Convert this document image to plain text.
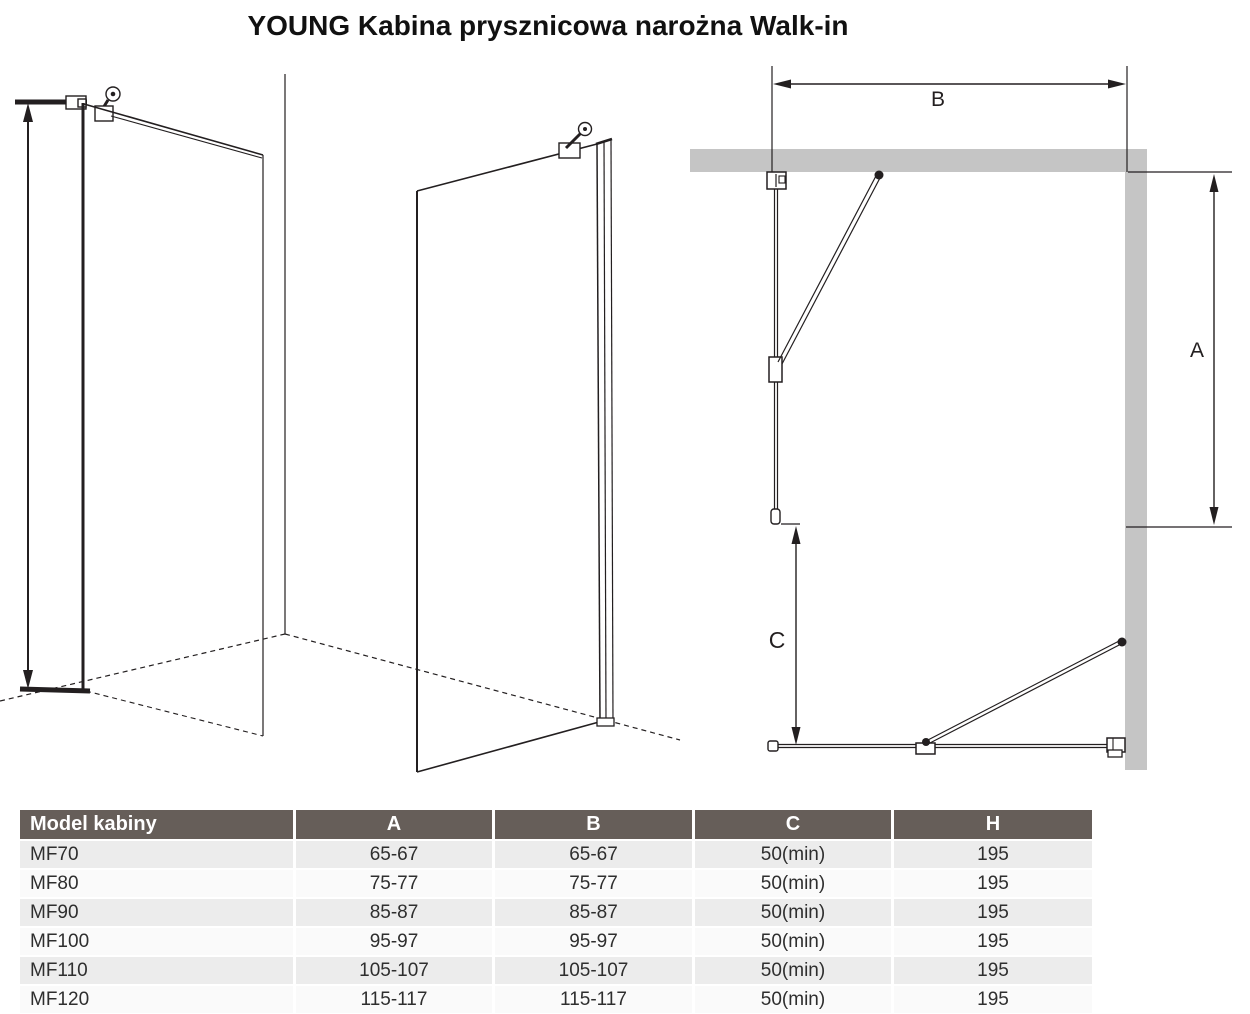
YOUNG Kabina prysznicowa narożna Walk-in
B
A
C
Model kabiny	A	B	C	H
MF70	65-67	65-67	50(min)	195
MF80	75-77	75-77	50(min)	195
MF90	85-87	85-87	50(min)	195
MF100	95-97	95-97	50(min)	195
MF110	105-107	105-107	50(min)	195
MF120	115-117	115-117	50(min)	195
